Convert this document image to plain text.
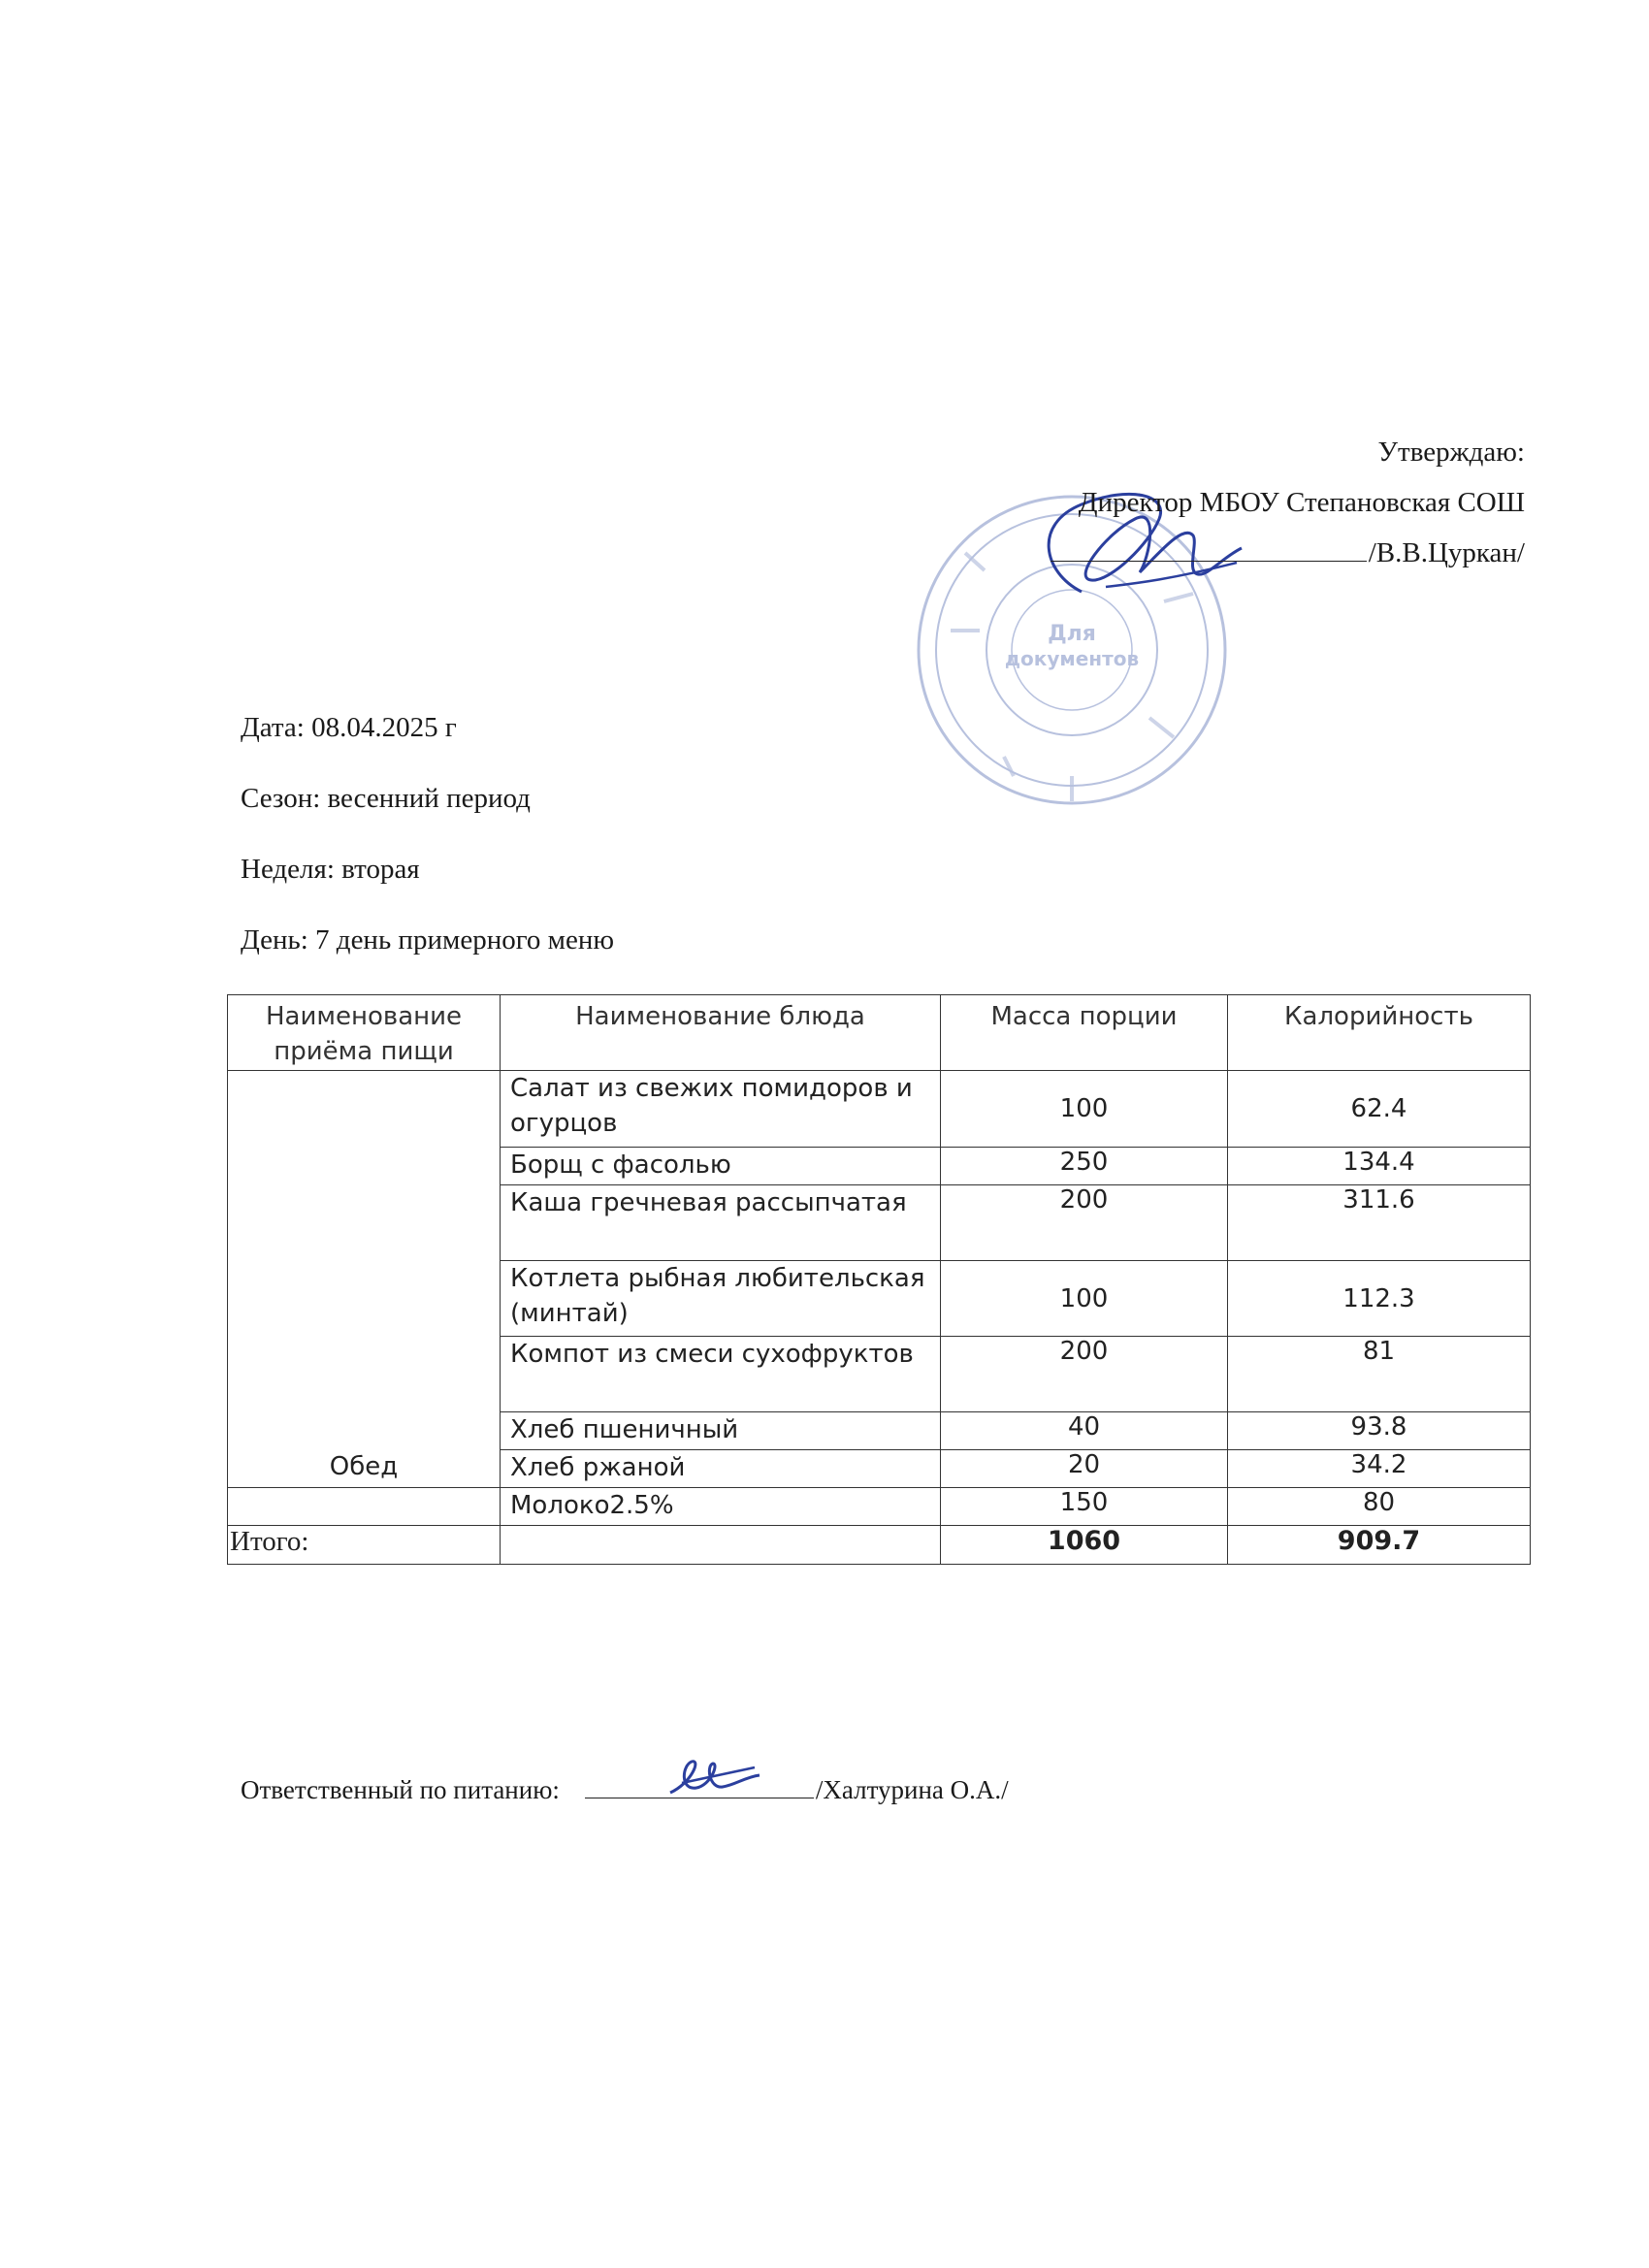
Для
документов
Утверждаю:
Директор МБОУ Степановская СОШ
/В.В.Цуркан/
Дата: 08.04.2025 г
Сезон: весенний период
Неделя: вторая
День: 7 день примерного меню
Наименование приёма пищи	Наименование блюда	Масса порции	Калорийность
Обед	Салат из свежих помидоров и огурцов	100	62.4
	Борщ с фасолью	250	134.4
	Каша гречневая рассыпчатая	200	311.6
	Котлета рыбная любительская (минтай)	100	112.3
	Компот из смеси сухофруктов	200	81
	Хлеб пшеничный	40	93.8
	Хлеб ржаной	20	34.2
	Молоко2.5%	150	80
Итого:		1060	909.7
Ответственный по питанию:	/Халтурина О.А./
